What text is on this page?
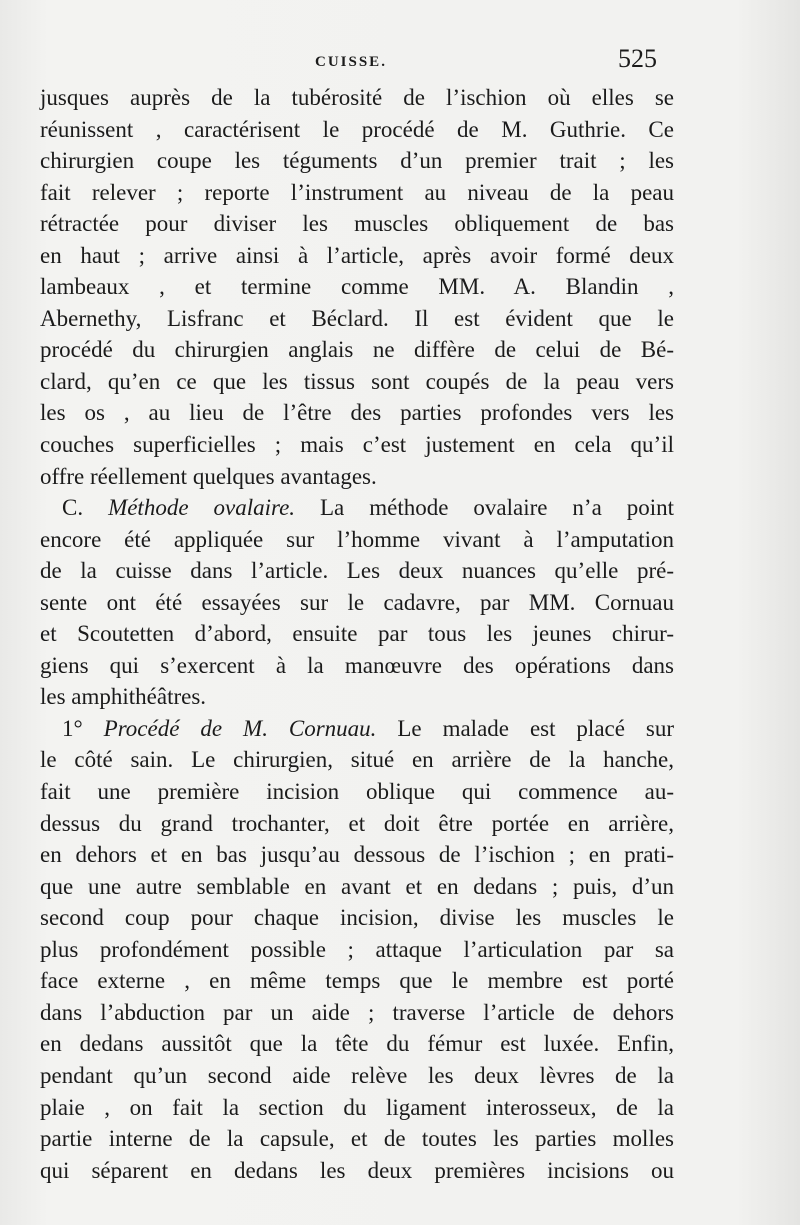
CUISSE.	525
jusques auprès de la tubérosité de l’ischion où elles se
réunissent , caractérisent le procédé de M. Guthrie. Ce
chirurgien coupe les téguments d’un premier trait ; les
fait relever ; reporte l’instrument au niveau de la peau
rétractée pour diviser les muscles obliquement de bas
en haut ; arrive ainsi à l’article, après avoir formé deux
lambeaux , et termine comme MM. A. Blandin ,
Abernethy, Lisfranc et Béclard. Il est évident que le
procédé du chirurgien anglais ne diffère de celui de Bé-
clard, qu’en ce que les tissus sont coupés de la peau vers
les os , au lieu de l’être des parties profondes vers les
couches superficielles ; mais c’est justement en cela qu’il
offre réellement quelques avantages.
C. Méthode ovalaire. La méthode ovalaire n’a point
encore été appliquée sur l’homme vivant à l’amputation
de la cuisse dans l’article. Les deux nuances qu’elle pré-
sente ont été essayées sur le cadavre, par MM. Cornuau
et Scoutetten d’abord, ensuite par tous les jeunes chirur-
giens qui s’exercent à la manœuvre des opérations dans
les amphithéâtres.
1° Procédé de M. Cornuau. Le malade est placé sur
le côté sain. Le chirurgien, situé en arrière de la hanche,
fait une première incision oblique qui commence au-
dessus du grand trochanter, et doit être portée en arrière,
en dehors et en bas jusqu’au dessous de l’ischion ; en prati-
que une autre semblable en avant et en dedans ; puis, d’un
second coup pour chaque incision, divise les muscles le
plus profondément possible ; attaque l’articulation par sa
face externe , en même temps que le membre est porté
dans l’abduction par un aide ; traverse l’article de dehors
en dedans aussitôt que la tête du fémur est luxée. Enfin,
pendant qu’un second aide relève les deux lèvres de la
plaie , on fait la section du ligament interosseux, de la
partie interne de la capsule, et de toutes les parties molles
qui séparent en dedans les deux premières incisions ou
